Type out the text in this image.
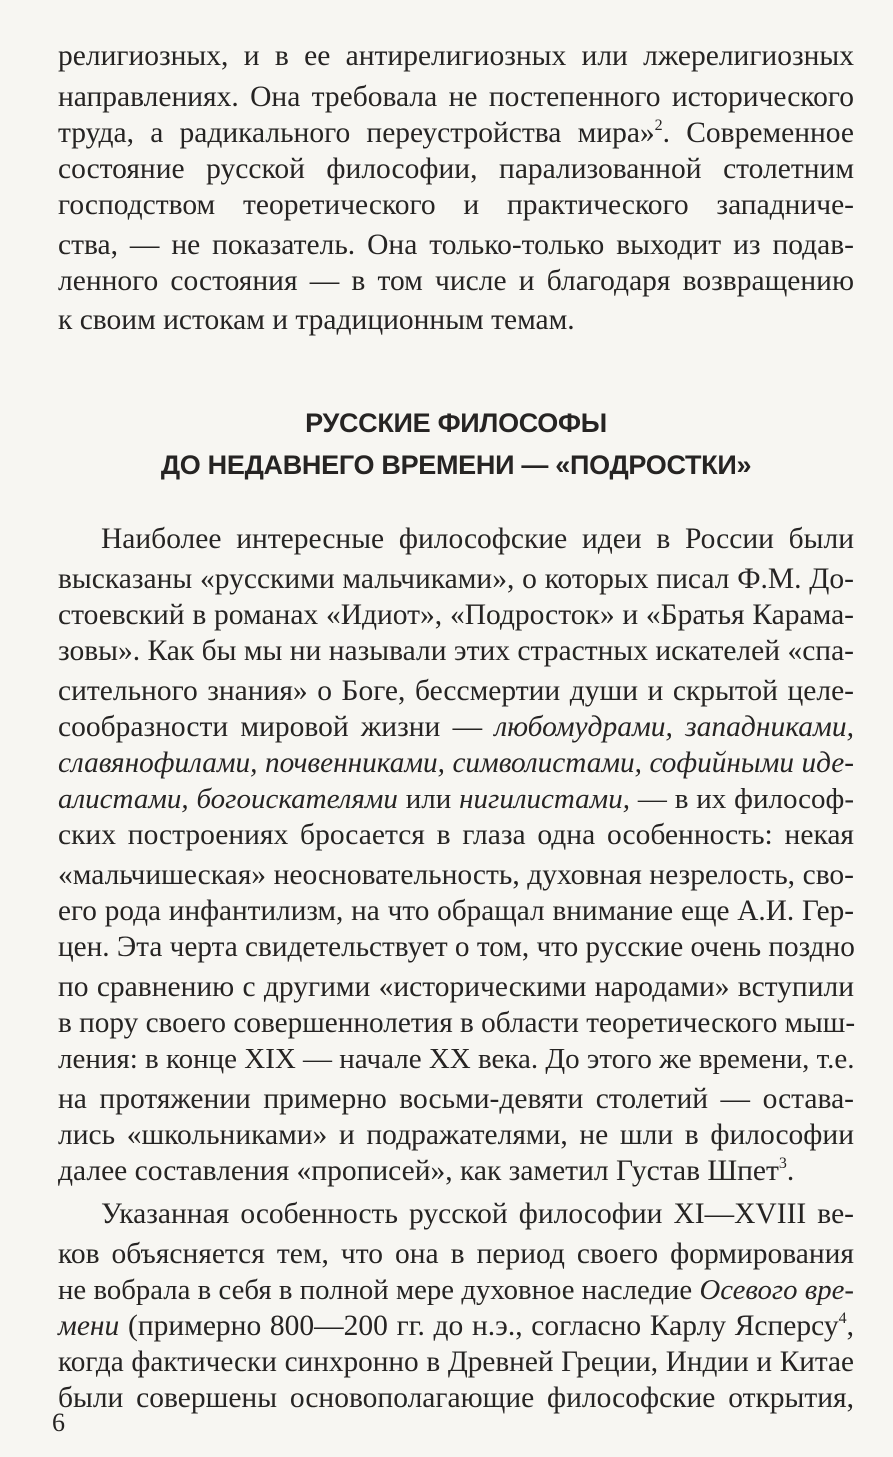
религиозных, и в ее антирелигиозных или лжерелигиозных
направлениях. Она требовала не постепенного исторического
труда, а радикального переустройства мира»$^2$. Современное
состояние русской философии, парализованной столетним
господством теоретического и практического западниче-
ства, — не показатель. Она только-только выходит из подав-
ленного состояния — в том числе и благодаря возвращению
к своим истокам и традиционным темам.
РУССКИЕ ФИЛОСОФЫ
ДО НЕДАВНЕГО ВРЕМЕНИ — «ПОДРОСТКИ»
Наиболее интересные философские идеи в России были
высказаны «русскими мальчиками», о которых писал Ф.М. До-
стоевский в романах «Идиот», «Подросток» и «Братья Карама-
зовы». Как бы мы ни называли этих страстных искателей «спа-
сительного знания» о Боге, бессмертии души и скрытой целе-
сообразности мировой жизни — любомудрами, западниками,
славянофилами, почвенниками, символистами, софийными иде-
алистами, богоискателями или нигилистами, — в их философ-
ских построениях бросается в глаза одна особенность: некая
«мальчишеская» неосновательность, духовная незрелость, сво-
его рода инфантилизм, на что обращал внимание еще А.И. Гер-
цен. Эта черта свидетельствует о том, что русские очень поздно
по сравнению с другими «историческими народами» вступили
в пору своего совершеннолетия в области теоретического мыш-
ления: в конце XIX — начале XX века. До этого же времени, т.е.
на протяжении примерно восьми-девяти столетий — остава-
лись «школьниками» и подражателями, не шли в философии
далее составления «прописей», как заметил Густав Шпет$^3$.
Указанная особенность русской философии XI—XVIII ве-
ков объясняется тем, что она в период своего формирования
не вобрала в себя в полной мере духовное наследие Осевого вре-
мени (примерно 800—200 гг. до н.э., согласно Карлу Ясперсу$^4$,
когда фактически синхронно в Древней Греции, Индии и Китае
были совершены основополагающие философские открытия,
6
